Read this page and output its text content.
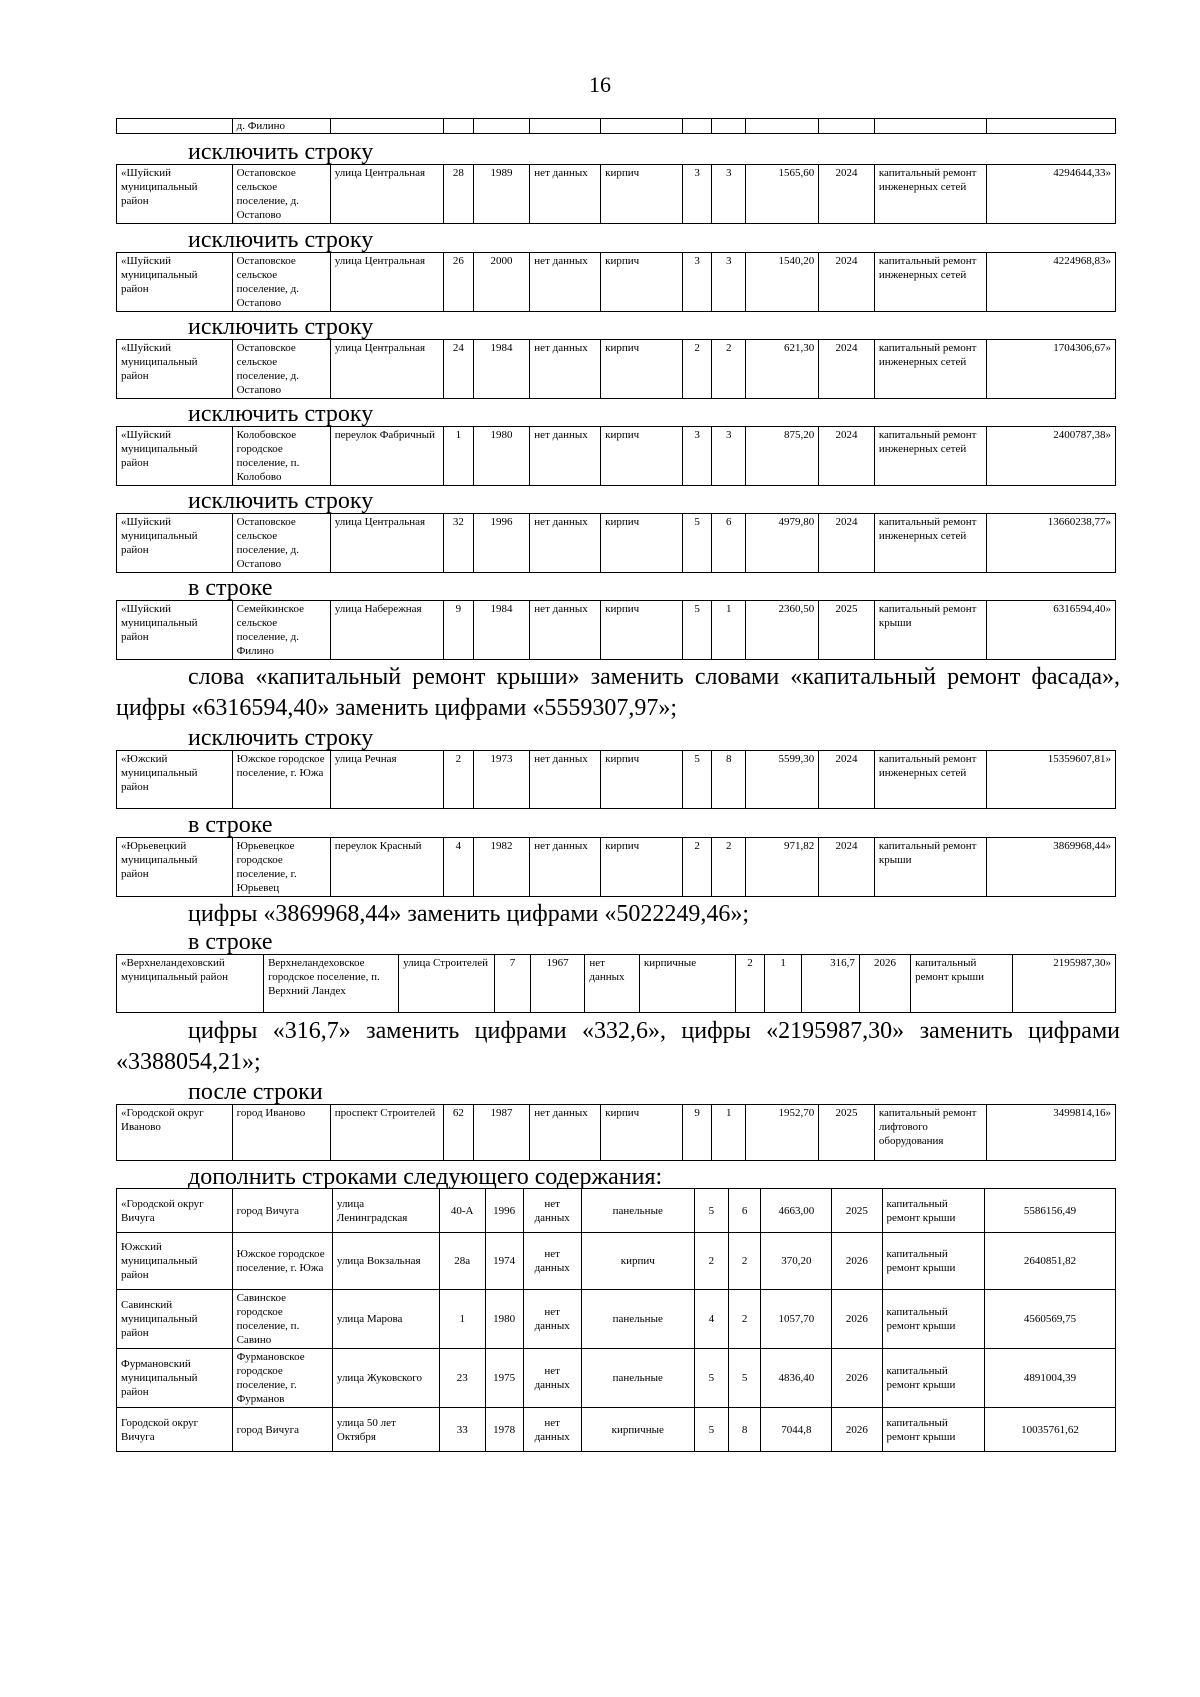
16
	д. Филино											
исключить строку
«Шуйский муниципальный район	Остаповское сельское поселение, д. Остапово	улица Центральная	28	1989	нет данных	кирпич	3	3	1565,60	2024	капитальный ремонт инженерных сетей	4294644,33»
исключить строку
«Шуйский муниципальный район	Остаповское сельское поселение, д. Остапово	улица Центральная	26	2000	нет данных	кирпич	3	3	1540,20	2024	капитальный ремонт инженерных сетей	4224968,83»
исключить строку
«Шуйский муниципальный район	Остаповское сельское поселение, д. Остапово	улица Центральная	24	1984	нет данных	кирпич	2	2	621,30	2024	капитальный ремонт инженерных сетей	1704306,67»
исключить строку
«Шуйский муниципальный район	Колобовское городское поселение, п. Колобово	переулок Фабричный	1	1980	нет данных	кирпич	3	3	875,20	2024	капитальный ремонт инженерных сетей	2400787,38»
исключить строку
«Шуйский муниципальный район	Остаповское сельское поселение, д. Остапово	улица Центральная	32	1996	нет данных	кирпич	5	6	4979,80	2024	капитальный ремонт инженерных сетей	13660238,77»
в строке
«Шуйский муниципальный район	Семейкинское сельское поселение, д. Филино	улица Набережная	9	1984	нет данных	кирпич	5	1	2360,50	2025	капитальный ремонт крыши	6316594,40»
слова «капитальный ремонт крыши» заменить словами «капитальный ремонт фасада», цифры «6316594,40» заменить цифрами «5559307,97»;
исключить строку
«Южский муниципальный район	Южское городское поселение, г. Южа	улица Речная	2	1973	нет данных	кирпич	5	8	5599,30	2024	капитальный ремонт инженерных сетей	15359607,81»
в строке
«Юрьевецкий муниципальный район	Юрьевецкое городское поселение, г. Юрьевец	переулок Красный	4	1982	нет данных	кирпич	2	2	971,82	2024	капитальный ремонт крыши	3869968,44»
цифры «3869968,44» заменить цифрами «5022249,46»;
в строке
«Верхнеландеховский муниципальный район	Верхнеландеховское городское поселение, п. Верхний Ландех	улица Строителей	7	1967	нет данных	кирпичные	2	1	316,7	2026	капитальный ремонт крыши	2195987,30»
цифры «316,7» заменить цифрами «332,6», цифры «2195987,30» заменить цифрами «3388054,21»;
после строки
«Городской округ Иваново	город Иваново	проспект Строителей	62	1987	нет данных	кирпич	9	1	1952,70	2025	капитальный ремонт лифтового оборудования	3499814,16»
дополнить строками следующего содержания:
«Городской округ Вичуга	город Вичуга	улица Ленинградская	40-А	1996	нет данных	панельные	5	6	4663,00	2025	капитальный ремонт крыши	5586156,49
Южский муниципальный район	Южское городское поселение, г. Южа	улица Вокзальная	28а	1974	нет данных	кирпич	2	2	370,20	2026	капитальный ремонт крыши	2640851,82
Савинский муниципальный район	Савинское городское поселение, п. Савино	улица Марова	1	1980	нет данных	панельные	4	2	1057,70	2026	капитальный ремонт крыши	4560569,75
Фурмановский муниципальный район	Фурмановское городское поселение, г. Фурманов	улица Жуковского	23	1975	нет данных	панельные	5	5	4836,40	2026	капитальный ремонт крыши	4891004,39
Городской округ Вичуга	город Вичуга	улица 50 лет Октября	33	1978	нет данных	кирпичные	5	8	7044,8	2026	капитальный ремонт крыши	10035761,62
